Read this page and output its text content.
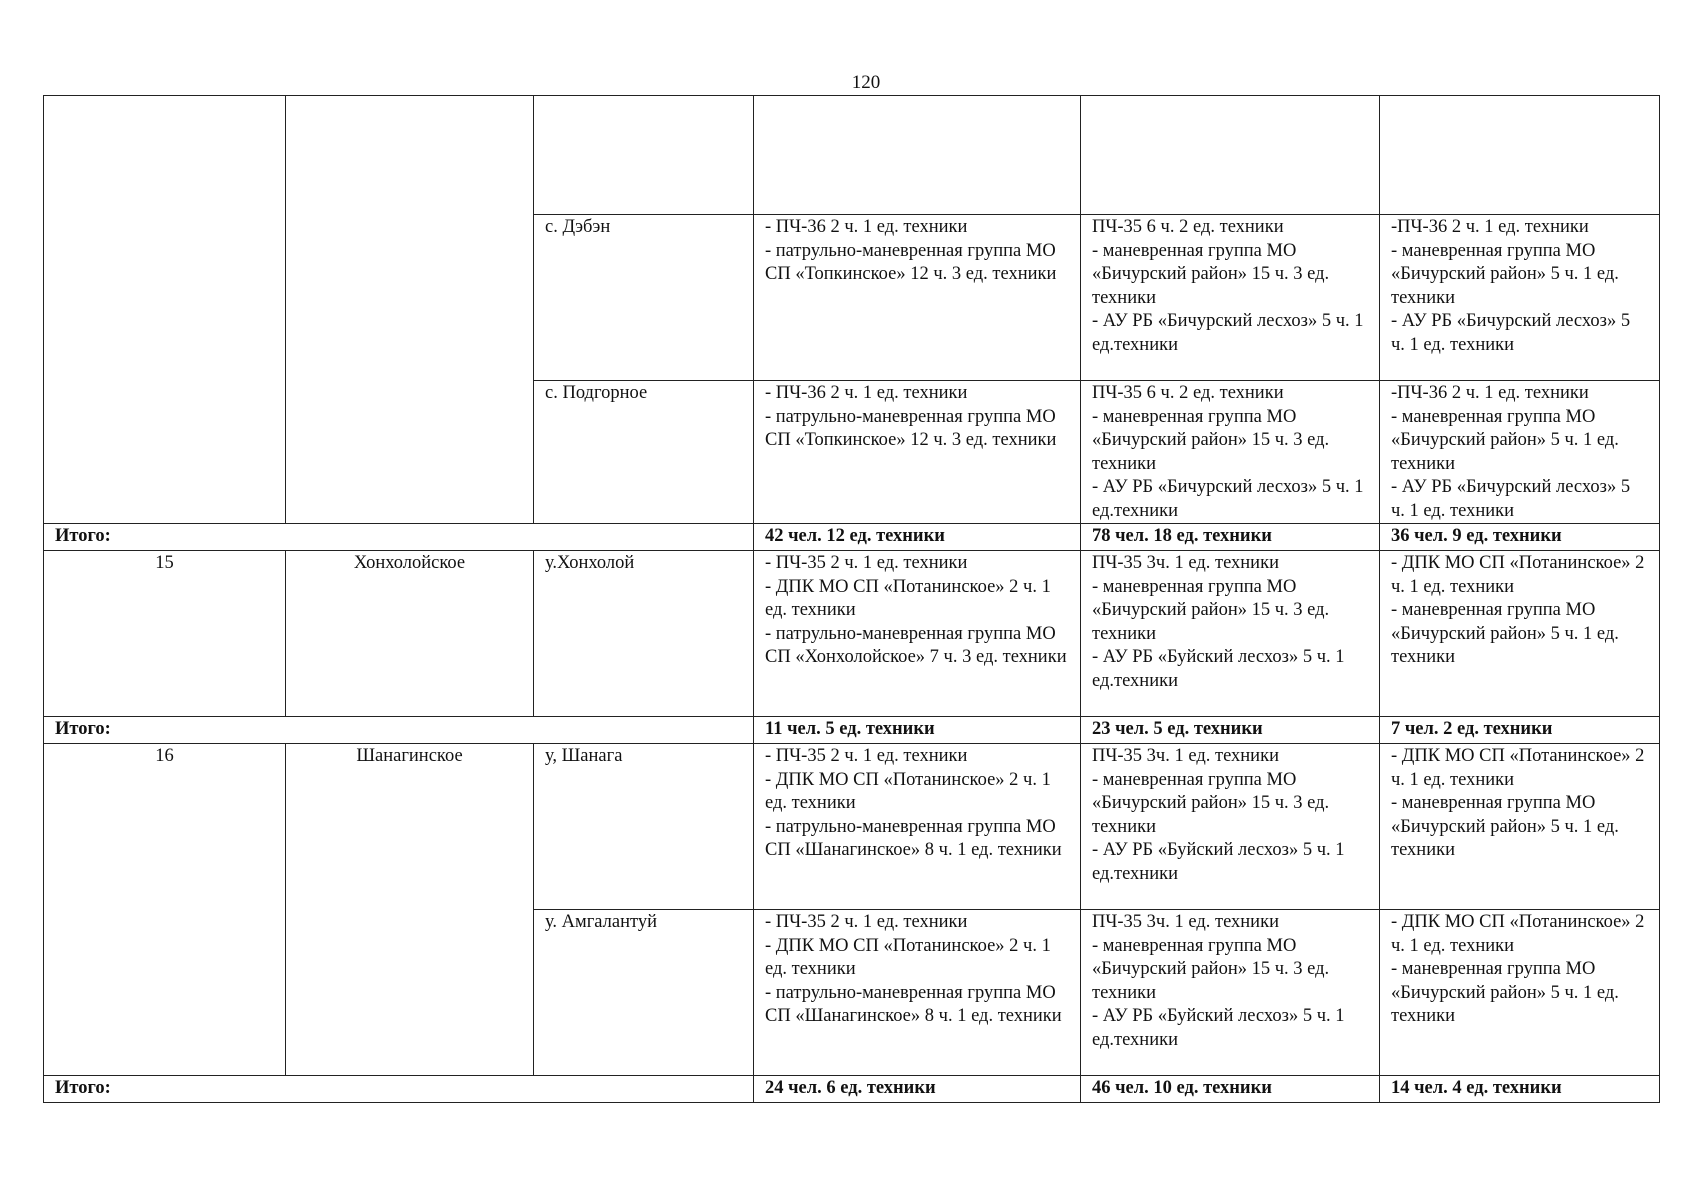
120

		с. Дэбэн	- ПЧ-36 2 ч. 1 ед. техники
- патрульно-маневренная группа МО СП «Топкинское» 12 ч. 3 ед. техники	ПЧ-35 6 ч. 2 ед. техники
- маневренная группа МО «Бичурский район» 15 ч. 3 ед. техники
- АУ РБ «Бичурский лесхоз» 5 ч. 1 ед.техники	-ПЧ-36 2 ч. 1 ед. техники
- маневренная группа МО «Бичурский район» 5 ч. 1 ед. техники
- АУ РБ «Бичурский лесхоз» 5 ч. 1 ед. техники

		с. Подгорное	- ПЧ-36 2 ч. 1 ед. техники
- патрульно-маневренная группа МО СП «Топкинское» 12 ч. 3 ед. техники	ПЧ-35 6 ч. 2 ед. техники
- маневренная группа МО «Бичурский район» 15 ч. 3 ед. техники
- АУ РБ «Бичурский лесхоз» 5 ч. 1 ед.техники	-ПЧ-36 2 ч. 1 ед. техники
- маневренная группа МО «Бичурский район» 5 ч. 1 ед. техники
- АУ РБ «Бичурский лесхоз» 5 ч. 1 ед. техники

Итого:			42 чел. 12 ед. техники	78 чел. 18 ед. техники	36 чел. 9 ед. техники
15	Хонхолойское	у.Хонхолой	- ПЧ-35 2 ч. 1 ед. техники
- ДПК МО СП «Потанинское» 2 ч. 1 ед. техники
- патрульно-маневренная группа МО СП «Хонхолойское» 7 ч. 3 ед. техники	ПЧ-35 3ч. 1 ед. техники
- маневренная группа МО «Бичурский район» 15 ч. 3 ед. техники
- АУ РБ «Буйский лесхоз» 5 ч. 1 ед.техники	- ДПК МО СП «Потанинское» 2 ч. 1 ед. техники
- маневренная группа МО «Бичурский район» 5 ч. 1 ед. техники

Итого:			11 чел. 5 ед. техники	23 чел. 5 ед. техники	7 чел. 2 ед. техники
16	Шанагинское	у, Шанага	- ПЧ-35 2 ч. 1 ед. техники
- ДПК МО СП «Потанинское» 2 ч. 1 ед. техники
- патрульно-маневренная группа МО СП «Шанагинское» 8 ч. 1 ед. техники	ПЧ-35 3ч. 1 ед. техники
- маневренная группа МО «Бичурский район» 15 ч. 3 ед. техники
- АУ РБ «Буйский лесхоз» 5 ч. 1 ед.техники	- ДПК МО СП «Потанинское» 2 ч. 1 ед. техники
- маневренная группа МО «Бичурский район» 5 ч. 1 ед. техники

		у. Амгалантуй	- ПЧ-35 2 ч. 1 ед. техники
- ДПК МО СП «Потанинское» 2 ч. 1 ед. техники
- патрульно-маневренная группа МО СП «Шанагинское» 8 ч. 1 ед. техники	ПЧ-35 3ч. 1 ед. техники
- маневренная группа МО «Бичурский район» 15 ч. 3 ед. техники
- АУ РБ «Буйский лесхоз» 5 ч. 1 ед.техники	- ДПК МО СП «Потанинское» 2 ч. 1 ед. техники
- маневренная группа МО «Бичурский район» 5 ч. 1 ед. техники

Итого:			24 чел. 6 ед. техники	46 чел. 10 ед. техники	14 чел. 4 ед. техники
